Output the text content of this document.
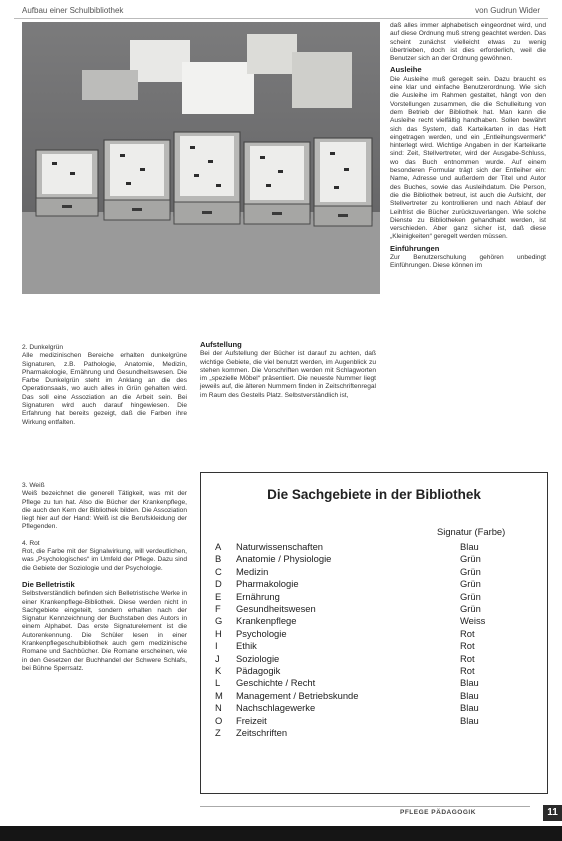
Aufbau einer Schulbibliothek	von Gudrun Wider

2. Dunkelgrün

Alle medizinischen Bereiche erhalten dunkelgrüne Signaturen, z.B. Pathologie, Anatomie, Medizin, Pharmakologie, Ernährung und Gesundheitswesen. Die Farbe Dunkelgrün steht im Anklang an die des Operationsaals, wo auch alles in Grün gehalten wird. Das soll eine Assoziation an die Arbeit sein. Bei Signaturen wird auch darauf hingewiesen. Die Erfahrung hat bereits gezeigt, daß die Farben ihre Wirkung entfalten.

3. Weiß

Weiß bezeichnet die generell Tätigkeit, was mit der Pflege zu tun hat. Also die Bücher der Krankenpflege, die auch den Kern der Bibliothek bilden. Die Assoziation liegt hier auf der Hand: Weiß ist die Berufskleidung der Pflegenden.

4. Rot

Rot, die Farbe mit der Signalwirkung, will verdeutlichen, was „Psychologisches“ im Umfeld der Pflege. Dazu sind die Gebiete der Soziologie und der Psychologie.

Die Belletristik

Selbstverständlich befinden sich Belletristische Werke in einer Krankenpflege-Bibliothek. Diese werden nicht in Sachgebiete eingeteilt, sondern erhalten nach der Signatur Kennzeichnung der Buchstaben des Autors in einem Alphabet. Das erste Signaturelement ist die Autorenkennung. Die Schüler lesen in einer Krankenpflegeschulbibliothek auch gern medizinische Romane und Sachbücher. Die Romane erscheinen, wie in den Gesetzen der Buchhandel der Schwere Schlafs, bei Bühne Sperrsatz.

Aufstellung

Bei der Aufstellung der Bücher ist darauf zu achten, daß wichtige Gebiete, die viel benutzt werden, im Augenblick zu stehen kommen. Die Vorschriften werden mit Schlagworten im „spezielle Möbel“ präsentiert. Die neueste Nummer liegt jeweils auf, die älteren Nummern finden in Zeitschriftenregal im Raum des Gestells Platz. Selbstverständlich ist,

daß alles immer alphabetisch eingeordnet wird, und auf diese Ordnung muß streng geachtet werden. Das scheint zunächst vielleicht etwas zu wenig übertrieben, doch ist dies erforderlich, weil die Benutzer sich an der Ordnung gewöhnen.

Ausleihe

Die Ausleihe muß geregelt sein. Dazu braucht es eine klar und einfache Benutzerordnung. Wie sich die Ausleihe im Rahmen gestaltet, hängt von den Vorstellungen zusammen, die die Schulleitung von dem Betrieb der Bibliothek hat. Man kann die Ausleihe recht vielfältig handhaben. Sollen bewährt sich das System, daß Karteikarten in das Heft eingetragen werden, und ein „Entleihungsvermerk“ hinterlegt wird. Wichtige Angaben in der Karteikarte sind: Zeit, Stellvertreter, wird der Ausgabe-Schluss, wo das Buch entnommen wurde. Auf einem besonderen Formular trägt sich der Entleiher ein: Name, Adresse und außerdem der Titel und Autor des Buches, sowie das Ausleihdatum. Die Person, die die Bibliothek betreut, ist auch die Aufsicht, der Stellvertreter zu kontrollieren und nach Ablauf der Leihfrist die Bücher zurückzuverlangen. Wie solche Dienste zu Bibliotheken gehandhabt werden, ist verschieden. Aber ganz sicher ist, daß diese „Kleinigkeiten“ geregelt werden müssen.

Einführungen

Zur Benutzerschulung gehören unbedingt Einführungen. Diese können im

Die Sachgebiete in der Bibliothek
Signatur (Farbe)
A	Naturwissenschaften	Blau
B	Anatomie / Physiologie	Grün
C	Medizin	Grün
D	Pharmakologie	Grün
E	Ernährung	Grün
F	Gesundheitswesen	Grün
G	Krankenpflege	Weiss
H	Psychologie	Rot
I	Ethik	Rot
J	Soziologie	Rot
K	Pädagogik	Rot
L	Geschichte / Recht	Blau
M	Management / Betriebskunde	Blau
N	Nachschlagewerke	Blau
O	Freizeit	Blau
Z	Zeitschriften
PFLEGE PÄDAGOGIK	11
